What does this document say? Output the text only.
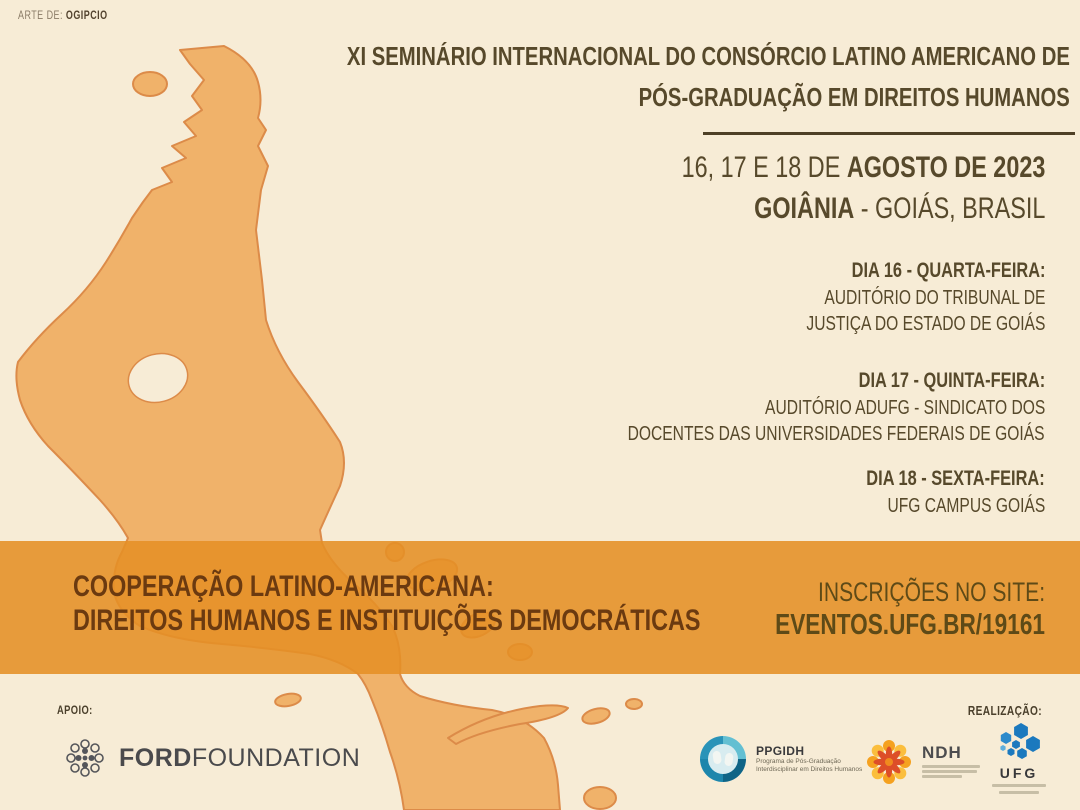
ARTE DE: OGIPCIO
XI SEMINÁRIO INTERNACIONAL DO CONSÓRCIO LATINO AMERICANO DE
PÓS-GRADUAÇÃO EM DIREITOS HUMANOS
16, 17 E 18 DE AGOSTO DE 2023
GOIÂNIA - GOIÁS, BRASIL
DIA 16 - QUARTA-FEIRA:
AUDITÓRIO DO TRIBUNAL DE
JUSTIÇA DO ESTADO DE GOIÁS
DIA 17 - QUINTA-FEIRA:
AUDITÓRIO ADUFG - SINDICATO DOS
DOCENTES DAS UNIVERSIDADES FEDERAIS DE GOIÁS
DIA 18 - SEXTA-FEIRA:
UFG CAMPUS GOIÁS
COOPERAÇÃO LATINO-AMERICANA:
DIREITOS HUMANOS E INSTITUIÇÕES DEMOCRÁTICAS
INSCRIÇÕES NO SITE:
EVENTOS.UFG.BR/19161
APOIO:
FORDFOUNDATION
REALIZAÇÃO:
PPGIDH
Programa de Pós-Graduação
Interdisciplinar em Direitos Humanos
NDH
UFG
